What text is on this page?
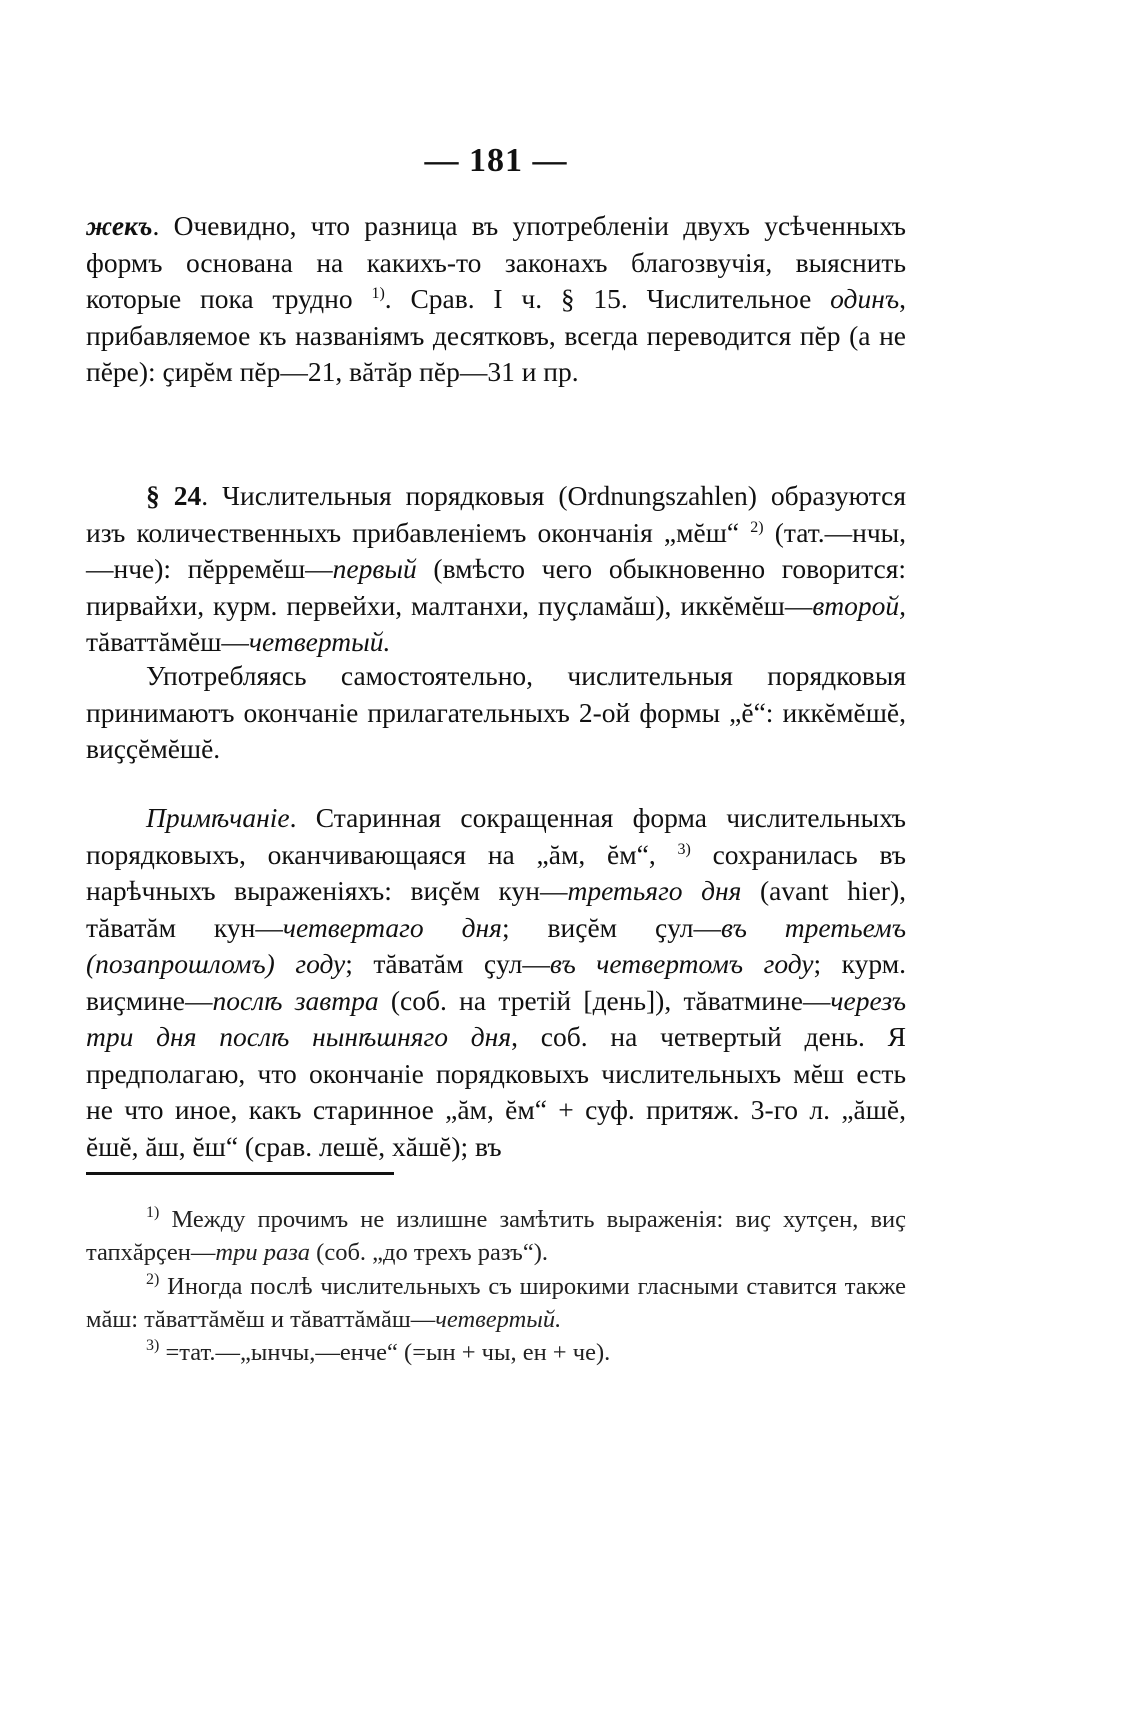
— 181 —
жекъ. Очевидно, что разница въ употребленіи двухъ усѣченныхъ формъ основана на какихъ-то законахъ благозвучія, выяснить которые пока трудно $^{1)}$. Срав. I ч. § 15. Числительное одинъ, прибавляемое къ названіямъ десятковъ, всегда переводится пĕр (а не пĕре): ҫирĕм пĕр—21, вăтăр пĕр—31 и пр.
§ 24. Числительныя порядковыя (Ordnungszahlen) образуются изъ количественныхъ прибавленіемъ окончанія „мĕш“ $^{2)}$ (тат.—нчы,—нче): пĕрремĕш—первый (вмѣсто чего обыкновенно говорится: пирвайхи, курм. первейхи, малтанхи, пуҫламăш), иккĕмĕш—второй, тăваттăмĕш—четвертый.
Употребляясь самостоятельно, числительныя порядковыя принимаютъ окончаніе прилагательныхъ 2-ой формы „ĕ“: иккĕмĕшĕ, виҫҫĕмĕшĕ.
Примѣчаніе. Старинная сокращенная форма числительныхъ порядковыхъ, оканчивающаяся на „ăм, ĕм“, $^{3)}$ сохранилась въ нарѣчныхъ выраженіяхъ: виҫĕм кун—третьяго дня (avant hier), тăватăм кун—четвертаго дня; виҫĕм ҫул—въ третьемъ (позапрошломъ) году; тăватăм ҫул—въ четвертомъ году; курм. виҫмине—послѣ завтра (соб. на третій [день]), тăватмине—черезъ три дня послѣ нынѣшняго дня, соб. на четвертый день. Я предполагаю, что окончаніе порядковыхъ числительныхъ мĕш есть не что иное, какъ старинное „ăм, ĕм“ + суф. притяж. 3-го л. „ăшĕ, ĕшĕ, ăш, ĕш“ (срав. лешĕ, хăшĕ); въ
$^{1)}$ Между прочимъ не излишне замѣтить выраженія: виҫ хутҫен, виҫ тапхăрҫен—три раза (соб. „до трехъ разъ“).
$^{2)}$ Иногда послѣ числительныхъ съ широкими гласными ставится также мăш: тăваттăмĕш и тăваттăмăш—четвертый.
$^{3)}$ =тат.—„ынчы,—енче“ (=ын + чы, ен + че).
